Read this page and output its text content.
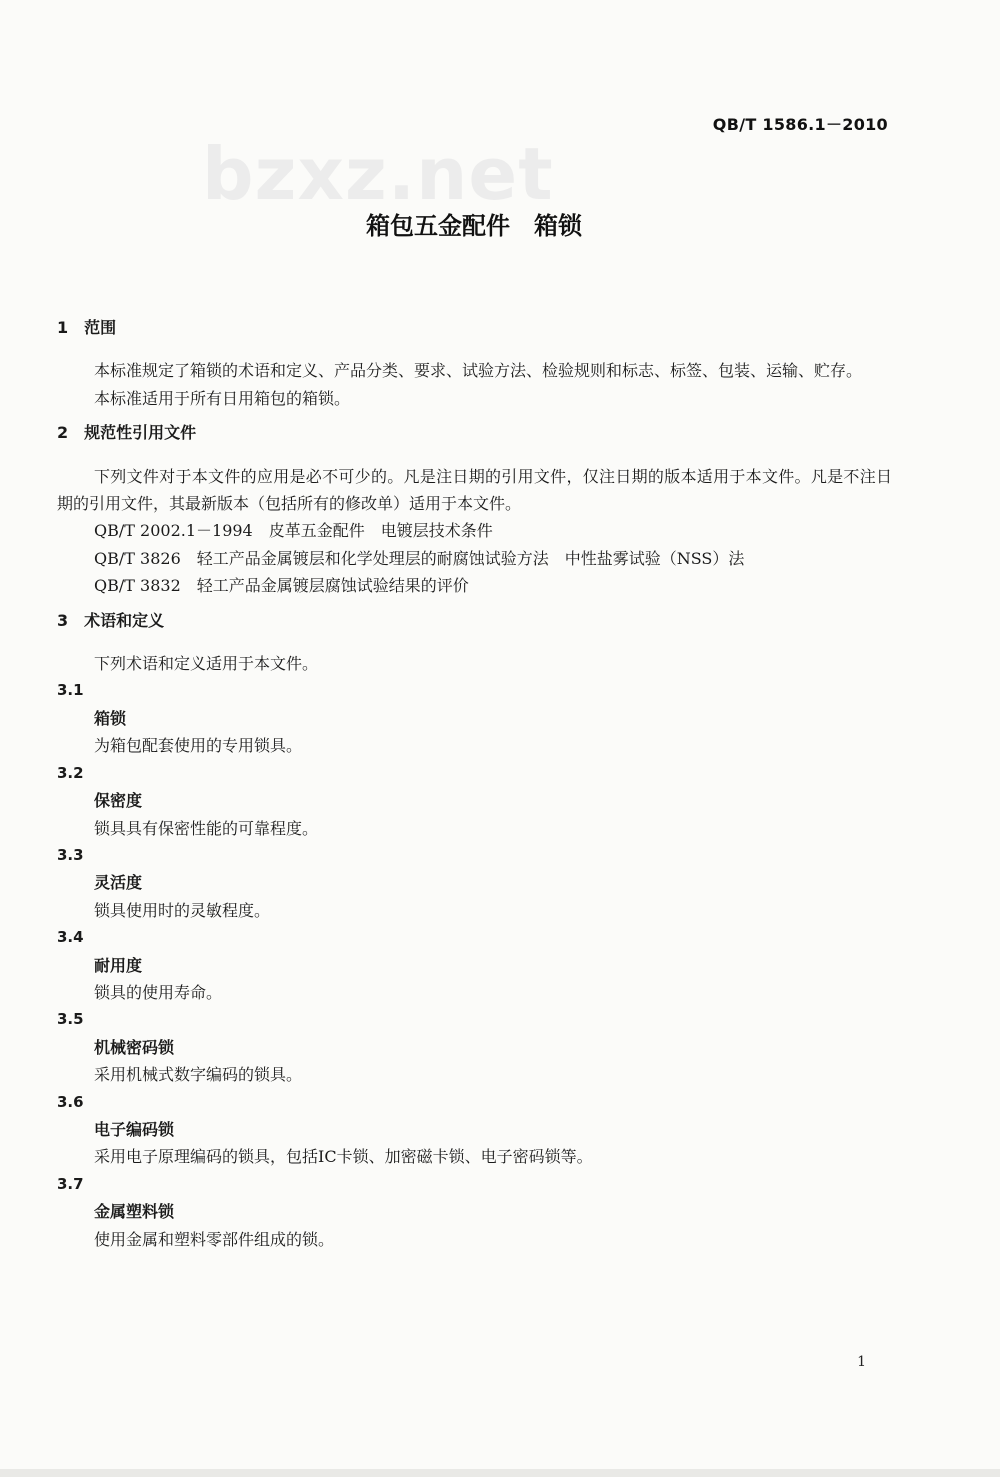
QB/T 1586.1－2010
bzxz.net
箱包五金配件　箱锁

1　范围

本标准规定了箱锁的术语和定义、产品分类、要求、试验方法、检验规则和标志、标签、包装、运输、贮存。

本标准适用于所有日用箱包的箱锁。

2　规范性引用文件

下列文件对于本文件的应用是必不可少的。凡是注日期的引用文件，仅注日期的版本适用于本文件。凡是不注日期的引用文件，其最新版本（包括所有的修改单）适用于本文件。

QB/T 2002.1－1994　皮革五金配件　电镀层技术条件

QB/T 3826　轻工产品金属镀层和化学处理层的耐腐蚀试验方法　中性盐雾试验（NSS）法

QB/T 3832　轻工产品金属镀层腐蚀试验结果的评价

3　术语和定义

下列术语和定义适用于本文件。

3.1

箱锁

为箱包配套使用的专用锁具。

3.2

保密度

锁具具有保密性能的可靠程度。

3.3

灵活度

锁具使用时的灵敏程度。

3.4

耐用度

锁具的使用寿命。

3.5

机械密码锁

采用机械式数字编码的锁具。

3.6

电子编码锁

采用电子原理编码的锁具，包括IC卡锁、加密磁卡锁、电子密码锁等。

3.7

金属塑料锁

使用金属和塑料零部件组成的锁。

1
